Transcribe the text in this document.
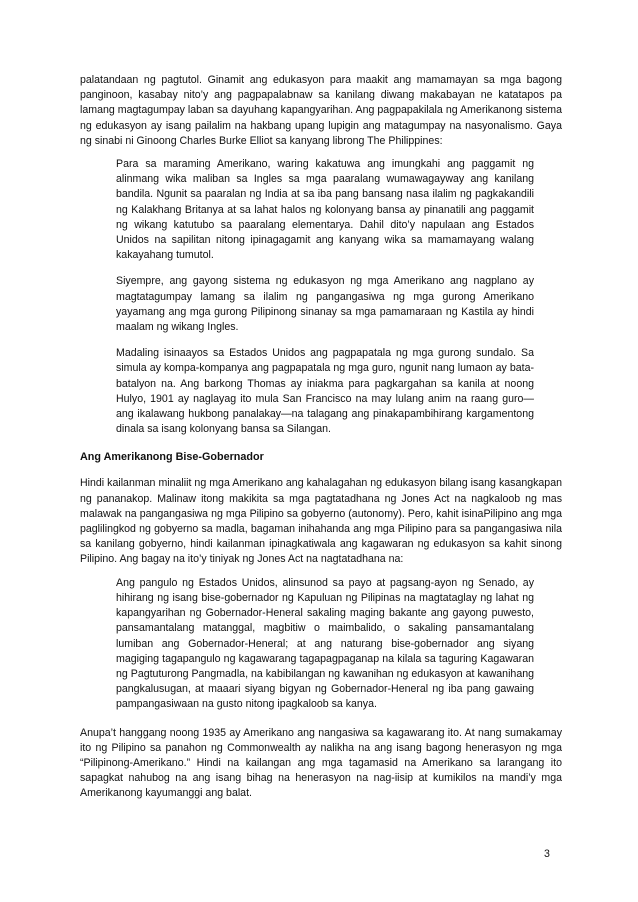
palatandaan ng pagtutol. Ginamit ang edukasyon para maakit ang mamamayan sa mga bagong panginoon, kasabay nito’y ang pagpapalabnaw sa kanilang diwang makabayan ne katatapos pa lamang magtagumpay laban sa dayuhang kapangyarihan. Ang pagpapakilala ng Amerikanong sistema ng edukasyon ay isang pailalim na hakbang upang lupigin ang matagumpay na nasyonalismo. Gaya ng sinabi ni Ginoong Charles Burke Elliot sa kanyang librong The Philippines:

Para sa maraming Amerikano, waring kakatuwa ang imungkahi ang paggamit ng alinmang wika maliban sa Ingles sa mga paaralang wumawagayway ang kanilang bandila. Ngunit sa paaralan ng India at sa iba pang bansang nasa ilalim ng pagkakandili ng Kalakhang Britanya at sa lahat halos ng kolonyang bansa ay pinanatili ang paggamit ng wikang katutubo sa paaralang elementarya. Dahil dito’y napulaan ang Estados Unidos na sapilitan nitong ipinagagamit ang kanyang wika sa mamamayang walang kakayahang tumutol.

Siyempre, ang gayong sistema ng edukasyon ng mga Amerikano ang nagplano ay magtatagumpay lamang sa ilalim ng pangangasiwa ng mga gurong Amerikano yayamang ang mga gurong Pilipinong sinanay sa mga pamamaraan ng Kastila ay hindi maalam ng wikang Ingles.

Madaling isinaayos sa Estados Unidos ang pagpapatala ng mga gurong sundalo. Sa simula ay kompa-kompanya ang pagpapatala ng mga guro, ngunit nang lumaon ay bata-batalyon na. Ang barkong Thomas ay iniakma para pagkargahan sa kanila at noong Hulyo, 1901 ay naglayag ito mula San Francisco na may lulang anim na raang guro—ang ikalawang hukbong panalakay—na talagang ang pinakapambihirang kargamentong dinala sa isang kolonyang bansa sa Silangan.

Ang Amerikanong Bise-Gobernador

Hindi kailanman minaliit ng mga Amerikano ang kahalagahan ng edukasyon bilang isang kasangkapan ng pananakop. Malinaw itong makikita sa mga pagtatadhana ng Jones Act na nagkaloob ng mas malawak na pangangasiwa ng mga Pilipino sa gobyerno (autonomy). Pero, kahit isinaPilipino ang mga paglilingkod ng gobyerno sa madla, bagaman inihahanda ang mga Pilipino para sa pangangasiwa nila sa kanilang gobyerno, hindi kailanman ipinagkatiwala ang kagawaran ng edukasyon sa kahit sinong Pilipino. Ang bagay na ito’y tiniyak ng Jones Act na nagtatadhana na:

Ang pangulo ng Estados Unidos, alinsunod sa payo at pagsang-ayon ng Senado, ay hihirang ng isang bise-gobernador ng Kapuluan ng Pilipinas na magtataglay ng lahat ng kapangyarihan ng Gobernador-Heneral sakaling maging bakante ang gayong puwesto, pansamantalang matanggal, magbitiw o maimbalido, o sakaling pansamantalang lumiban ang Gobernador-Heneral; at ang naturang bise-gobernador ang siyang magiging tagapangulo ng kagawarang tagapagpaganap na kilala sa taguring Kagawaran ng Pagtuturong Pangmadla, na kabibilangan ng kawanihan ng edukasyon at kawanihang pangkalusugan, at maaari siyang bigyan ng Gobernador-Heneral ng iba pang gawaing pampangasiwaan na gusto nitong ipagkaloob sa kanya.

Anupa’t hanggang noong 1935 ay Amerikano ang nangasiwa sa kagawarang ito. At nang sumakamay ito ng Pilipino sa panahon ng Commonwealth ay nalikha na ang isang bagong henerasyon ng mga “Pilipinong-Amerikano.” Hindi na kailangan ang mga tagamasid na Amerikano sa larangang ito sapagkat nahubog na ang isang bihag na henerasyon na nag-iisip at kumikilos na mandi’y mga Amerikanong kayumanggi ang balat.

3
